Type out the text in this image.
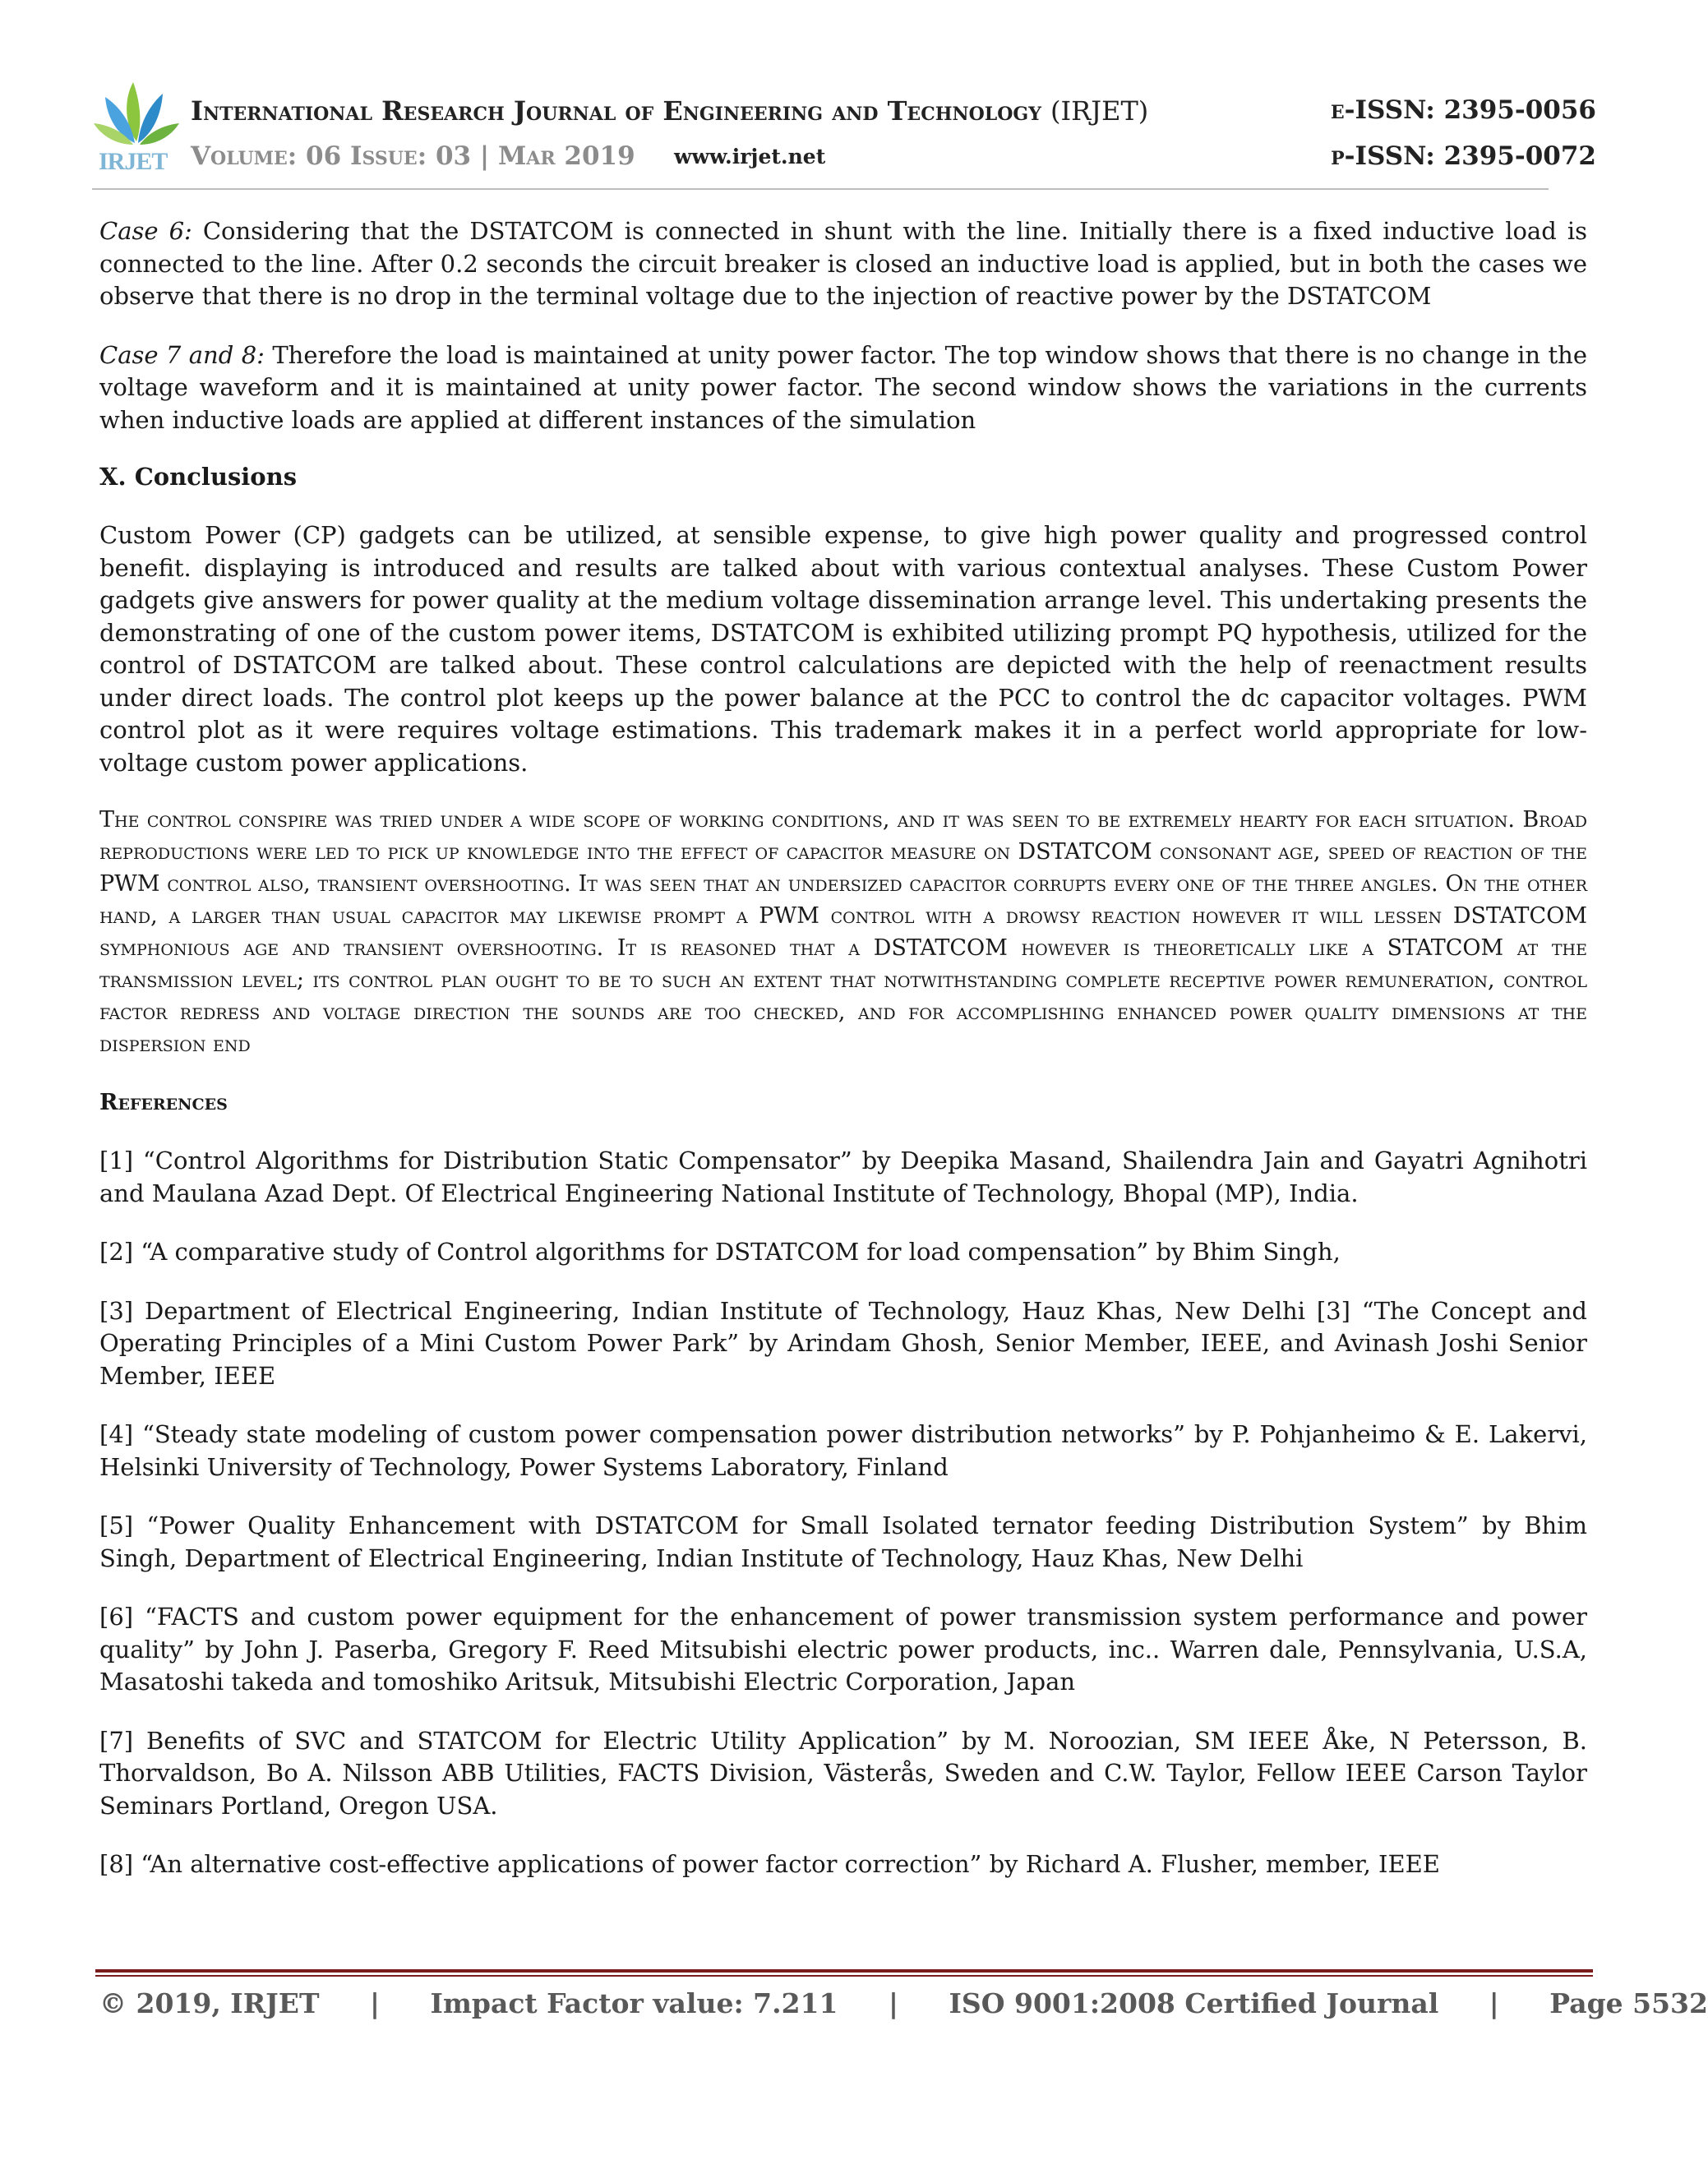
IRJET
International Research Journal of Engineering and Technology (IRJET)
Volume: 06 Issue: 03 | Mar 2019 www.irjet.net
e-ISSN: 2395-0056
p-ISSN: 2395-0072

Case 6: Considering that the DSTATCOM is connected in shunt with the line. Initially there is a fixed inductive load is connected to the line. After 0.2 seconds the circuit breaker is closed an inductive load is applied, but in both the cases we observe that there is no drop in the terminal voltage due to the injection of reactive power by the DSTATCOM

Case 7 and 8: Therefore the load is maintained at unity power factor. The top window shows that there is no change in the voltage waveform and it is maintained at unity power factor. The second window shows the variations in the currents when inductive loads are applied at different instances of the simulation

X. Conclusions

Custom Power (CP) gadgets can be utilized, at sensible expense, to give high power quality and progressed control benefit. displaying is introduced and results are talked about with various contextual analyses. These Custom Power gadgets give answers for power quality at the medium voltage dissemination arrange level. This undertaking presents the demonstrating of one of the custom power items, DSTATCOM is exhibited utilizing prompt PQ hypothesis, utilized for the control of DSTATCOM are talked about. These control calculations are depicted with the help of reenactment results under direct loads. The control plot keeps up the power balance at the PCC to control the dc capacitor voltages. PWM control plot as it were requires voltage estimations. This trademark makes it in a perfect world appropriate for low-voltage custom power applications.

The control conspire was tried under a wide scope of working conditions, and it was seen to be extremely hearty for each situation. Broad reproductions were led to pick up knowledge into the effect of capacitor measure on DSTATCOM consonant age, speed of reaction of the PWM control also, transient overshooting. It was seen that an undersized capacitor corrupts every one of the three angles. On the other hand, a larger than usual capacitor may likewise prompt a PWM control with a drowsy reaction however it will lessen DSTATCOM symphonious age and transient overshooting. It is reasoned that a DSTATCOM however is theoretically like a STATCOM at the transmission level; its control plan ought to be to such an extent that notwithstanding complete receptive power remuneration, control factor redress and voltage direction the sounds are too checked, and for accomplishing enhanced power quality dimensions at the dispersion end

References

[1] “Control Algorithms for Distribution Static Compensator” by Deepika Masand, Shailendra Jain and Gayatri Agnihotri and Maulana Azad Dept. Of Electrical Engineering National Institute of Technology, Bhopal (MP), India.

[2] “A comparative study of Control algorithms for DSTATCOM for load compensation” by Bhim Singh,

[3] Department of Electrical Engineering, Indian Institute of Technology, Hauz Khas, New Delhi [3] “The Concept and Operating Principles of a Mini Custom Power Park” by Arindam Ghosh, Senior Member, IEEE, and Avinash Joshi Senior Member, IEEE

[4] “Steady state modeling of custom power compensation power distribution networks” by P. Pohjanheimo & E. Lakervi, Helsinki University of Technology, Power Systems Laboratory, Finland

[5] “Power Quality Enhancement with DSTATCOM for Small Isolated ternator feeding Distribution System” by Bhim Singh, Department of Electrical Engineering, Indian Institute of Technology, Hauz Khas, New Delhi

[6] “FACTS and custom power equipment for the enhancement of power transmission system performance and power quality” by John J. Paserba, Gregory F. Reed Mitsubishi electric power products, inc.. Warren dale, Pennsylvania, U.S.A, Masatoshi takeda and tomoshiko Aritsuk, Mitsubishi Electric Corporation, Japan

[7] Benefits of SVC and STATCOM for Electric Utility Application” by M. Noroozian, SM IEEE Åke, N Petersson, B. Thorvaldson, Bo A. Nilsson ABB Utilities, FACTS Division, Västerås, Sweden and C.W. Taylor, Fellow IEEE Carson Taylor Seminars Portland, Oregon USA.

[8] “An alternative cost-effective applications of power factor correction” by Richard A. Flusher, member, IEEE

© 2019, IRJET | Impact Factor value: 7.211 | ISO 9001:2008 Certified Journal | Page 5532
